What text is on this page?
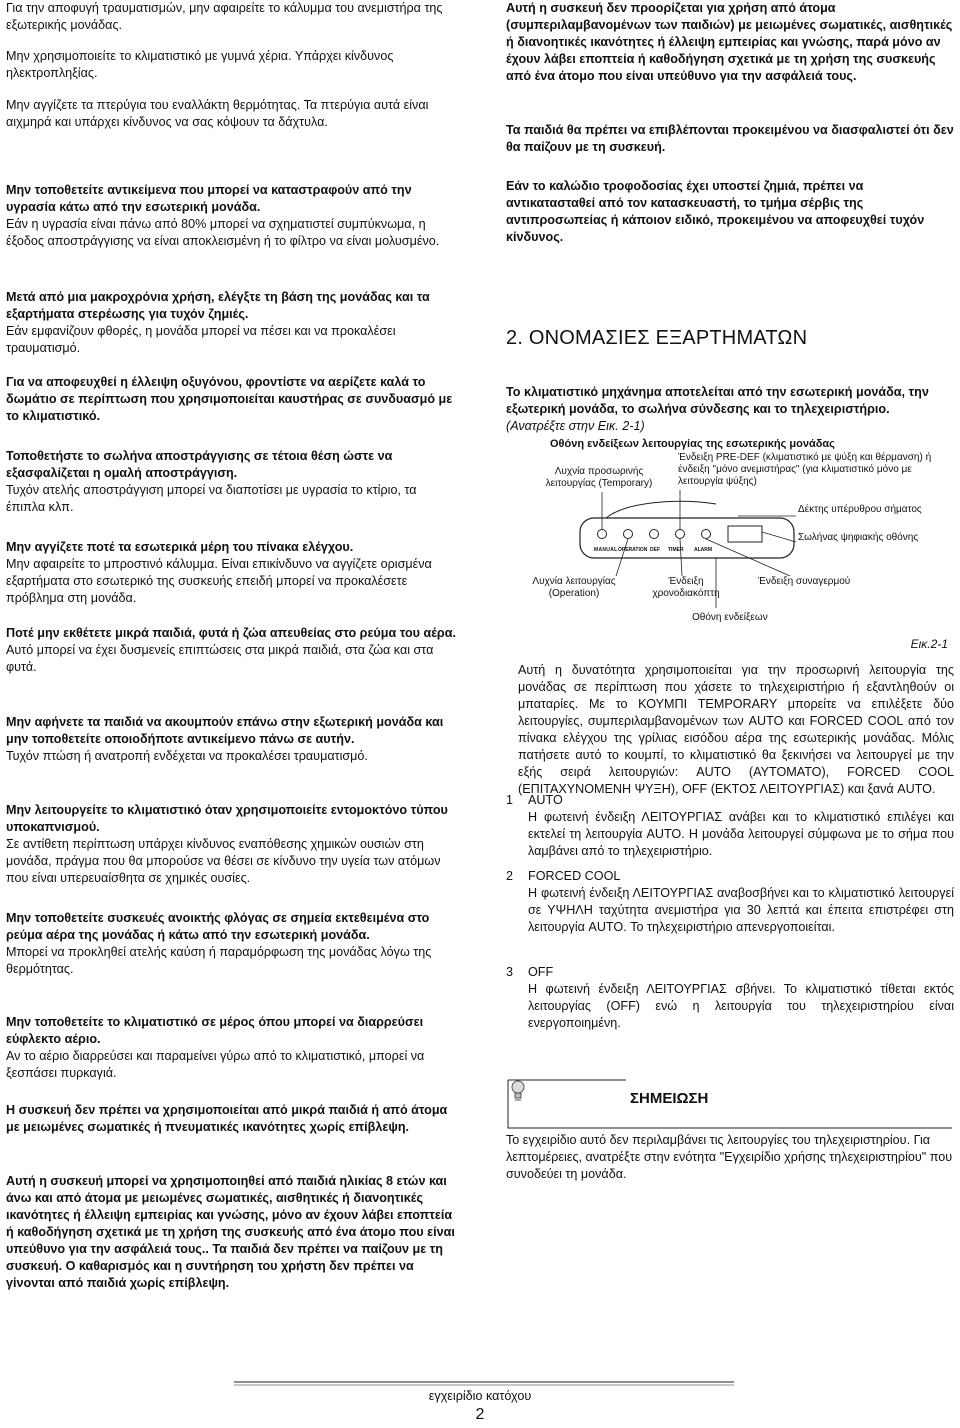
Για την αποφυγή τραυματισμών, μην αφαιρείτε το κάλυμμα του ανεμιστήρα της εξωτερικής μονάδας.
Μην χρησιμοποιείτε το κλιματιστικό με γυμνά χέρια. Υπάρχει κίνδυνος ηλεκτροπληξίας.
Μην αγγίζετε τα πτερύγια του εναλλάκτη θερμότητας. Τα πτερύγια αυτά είναι αιχμηρά και υπάρχει κίνδυνος να σας κόψουν τα δάχτυλα.
Μην τοποθετείτε αντικείμενα που μπορεί να καταστραφούν από την υγρασία κάτω από την εσωτερική μονάδα.
Εάν η υγρασία είναι πάνω από 80% μπορεί να σχηματιστεί συμπύκνωμα, η έξοδος αποστράγγισης να είναι αποκλεισμένη ή το φίλτρο να είναι μολυσμένο.
Μετά από μια μακροχρόνια χρήση, ελέγξτε τη βάση της μονάδας και τα εξαρτήματα στερέωσης για τυχόν ζημιές.
Εάν εμφανίζουν φθορές, η μονάδα μπορεί να πέσει και να προκαλέσει τραυματισμό.
Για να αποφευχθεί η έλλειψη οξυγόνου, φροντίστε να αερίζετε καλά το δωμάτιο σε περίπτωση που χρησιμοποιείται καυστήρας σε συνδυασμό με το κλιματιστικό.
Τοποθετήστε το σωλήνα αποστράγγισης σε τέτοια θέση ώστε να εξασφαλίζεται η ομαλή αποστράγγιση.
Τυχόν ατελής αποστράγγιση μπορεί να διαποτίσει με υγρασία το κτίριο, τα έπιπλα κλπ.
Μην αγγίζετε ποτέ τα εσωτερικά μέρη του πίνακα ελέγχου.
Μην αφαιρείτε το μπροστινό κάλυμμα. Είναι επικίνδυνο να αγγίζετε ορισμένα εξαρτήματα στο εσωτερικό της συσκευής επειδή μπορεί να προκαλέσετε πρόβλημα στη μονάδα.
Ποτέ μην εκθέτετε μικρά παιδιά, φυτά ή ζώα απευθείας στο ρεύμα του αέρα.
Αυτό μπορεί να έχει δυσμενείς επιπτώσεις στα μικρά παιδιά, στα ζώα και στα φυτά.
Μην αφήνετε τα παιδιά να ακουμπούν επάνω στην εξωτερική μονάδα και μην τοποθετείτε οποιοδήποτε αντικείμενο πάνω σε αυτήν.
Τυχόν πτώση ή ανατροπή ενδέχεται να προκαλέσει τραυματισμό.
Μην λειτουργείτε το κλιματιστικό όταν χρησιμοποιείτε εντομοκτόνο τύπου υποκαπνισμού.
Σε αντίθετη περίπτωση υπάρχει κίνδυνος εναπόθεσης χημικών ουσιών στη μονάδα, πράγμα που θα μπορούσε να θέσει σε κίνδυνο την υγεία των ατόμων που είναι υπερευαίσθητα σε χημικές ουσίες.
Μην τοποθετείτε συσκευές ανοικτής φλόγας σε σημεία εκτεθειμένα στο ρεύμα αέρα της μονάδας ή κάτω από την εσωτερική μονάδα.
Μπορεί να προκληθεί ατελής καύση ή παραμόρφωση της μονάδας λόγω της θερμότητας.
Μην τοποθετείτε το κλιματιστικό σε μέρος όπου μπορεί να διαρρεύσει εύφλεκτο αέριο.
Αν το αέριο διαρρεύσει και παραμείνει γύρω από το κλιματιστικό, μπορεί να ξεσπάσει πυρκαγιά.
Η συσκευή δεν πρέπει να χρησιμοποιείται από μικρά παιδιά ή από άτομα με μειωμένες σωματικές ή πνευματικές ικανότητες χωρίς επίβλεψη.
Αυτή η συσκευή μπορεί να χρησιμοποιηθεί από παιδιά ηλικίας 8 ετών και άνω και από άτομα με μειωμένες σωματικές, αισθητικές ή διανοητικές ικανότητες ή έλλειψη εμπειρίας και γνώσης, μόνο αν έχουν λάβει εποπτεία ή καθοδήγηση σχετικά με τη χρήση της συσκευής από ένα άτομο που είναι υπεύθυνο για την ασφάλειά τους.. Τα παιδιά δεν πρέπει να παίζουν με τη συσκευή. Ο καθαρισμός και η συντήρηση του χρήστη δεν πρέπει να γίνονται από παιδιά χωρίς επίβλεψη.
Αυτή η συσκευή δεν προορίζεται για χρήση από άτομα (συμπεριλαμβανομένων των παιδιών) με μειωμένες σωματικές, αισθητικές ή διανοητικές ικανότητες ή έλλειψη εμπειρίας και γνώσης, παρά μόνο αν έχουν λάβει εποπτεία ή καθοδήγηση σχετικά με τη χρήση της συσκευής από ένα άτομο που είναι υπεύθυνο για την ασφάλειά τους.
Τα παιδιά θα πρέπει να επιβλέπονται προκειμένου να διασφαλιστεί ότι δεν θα παίζουν με τη συσκευή.
Εάν το καλώδιο τροφοδοσίας έχει υποστεί ζημιά, πρέπει να αντικατασταθεί από τον κατασκευαστή, το τμήμα σέρβις της αντιπροσωπείας ή κάποιον ειδικό, προκειμένου να αποφευχθεί τυχόν κίνδυνος.
2. ΟΝΟΜΑΣΙΕΣ ΕΞΑΡΤΗΜΑΤΩΝ
Το κλιματιστικό μηχάνημα αποτελείται από την εσωτερική μονάδα, την εξωτερική μονάδα, το σωλήνα σύνδεσης και το τηλεχειριστήριο.
(Ανατρέξτε στην Εικ. 2-1)
Οθόνη ενδείξεων λειτουργίας της εσωτερικής μονάδας
Λυχνία προσωρινής λειτουργίας (Temporary)
Ένδειξη PRE-DEF (κλιματιστικό με ψύξη και θέρμανση) ή ένδειξη "μόνο ανεμιστήρας" (για κλιματιστικό μόνο με λειτουργία ψύξης)
Δέκτης υπέρυθρου σήματος
Σωλήνας ψηφιακής οθόνης
MANUAL OPERATION DEF TIMER ALARM
Λυχνία λειτουργίας (Operation)
Ένδειξη χρονοδιακόπτη
Ένδειξη συναγερμού
Οθόνη ενδείξεων
Εικ.2-1
Αυτή η δυνατότητα χρησιμοποιείται για την προσωρινή λειτουργία της μονάδας σε περίπτωση που χάσετε το τηλεχειριστήριο ή εξαντληθούν οι μπαταρίες. Με το ΚΟΥΜΠΙ TEMPORARY μπορείτε να επιλέξετε δύο λειτουργίες, συμπεριλαμβανομένων των AUTO και FORCED COOL από τον πίνακα ελέγχου της γρίλιας εισόδου αέρα της εσωτερικής μονάδας. Μόλις πατήσετε αυτό το κουμπί, το κλιματιστικό θα ξεκινήσει να λειτουργεί με την εξής σειρά λειτουργιών: AUTO (ΑΥΤΟΜΑΤΟ), FORCED COOL (ΕΠΙΤΑΧΥΝΟΜΕΝΗ ΨΥΞΗ), OFF (ΕΚΤΟΣ ΛΕΙΤΟΥΡΓΙΑΣ) και ξανά AUTO.
1	AUTO
Η φωτεινή ένδειξη ΛΕΙΤΟΥΡΓΙΑΣ ανάβει και το κλιματιστικό επιλέγει και εκτελεί τη λειτουργία AUTO. Η μονάδα λειτουργεί σύμφωνα με το σήμα που λαμβάνει από το τηλεχειριστήριο.
2	FORCED COOL
Η φωτεινή ένδειξη ΛΕΙΤΟΥΡΓΙΑΣ αναβοσβήνει και το κλιματιστικό λειτουργεί σε ΥΨΗΛΗ ταχύτητα ανεμιστήρα για 30 λεπτά και έπειτα επιστρέφει στη λειτουργία AUTO. Το τηλεχειριστήριο απενεργοποιείται.
3	OFF
Η φωτεινή ένδειξη ΛΕΙΤΟΥΡΓΙΑΣ σβήνει. Το κλιματιστικό τίθεται εκτός λειτουργίας (OFF) ενώ η λειτουργία του τηλεχειριστηρίου είναι ενεργοποιημένη.
ΣΗΜΕΙΩΣΗ
Το εγχειρίδιο αυτό δεν περιλαμβάνει τις λειτουργίες του τηλεχειριστηρίου. Για λεπτομέρειες, ανατρέξτε στην ενότητα "Εγχειρίδιο χρήσης τηλεχειριστηρίου" που συνοδεύει τη μονάδα.
εγχειρίδιο κατόχου
2
